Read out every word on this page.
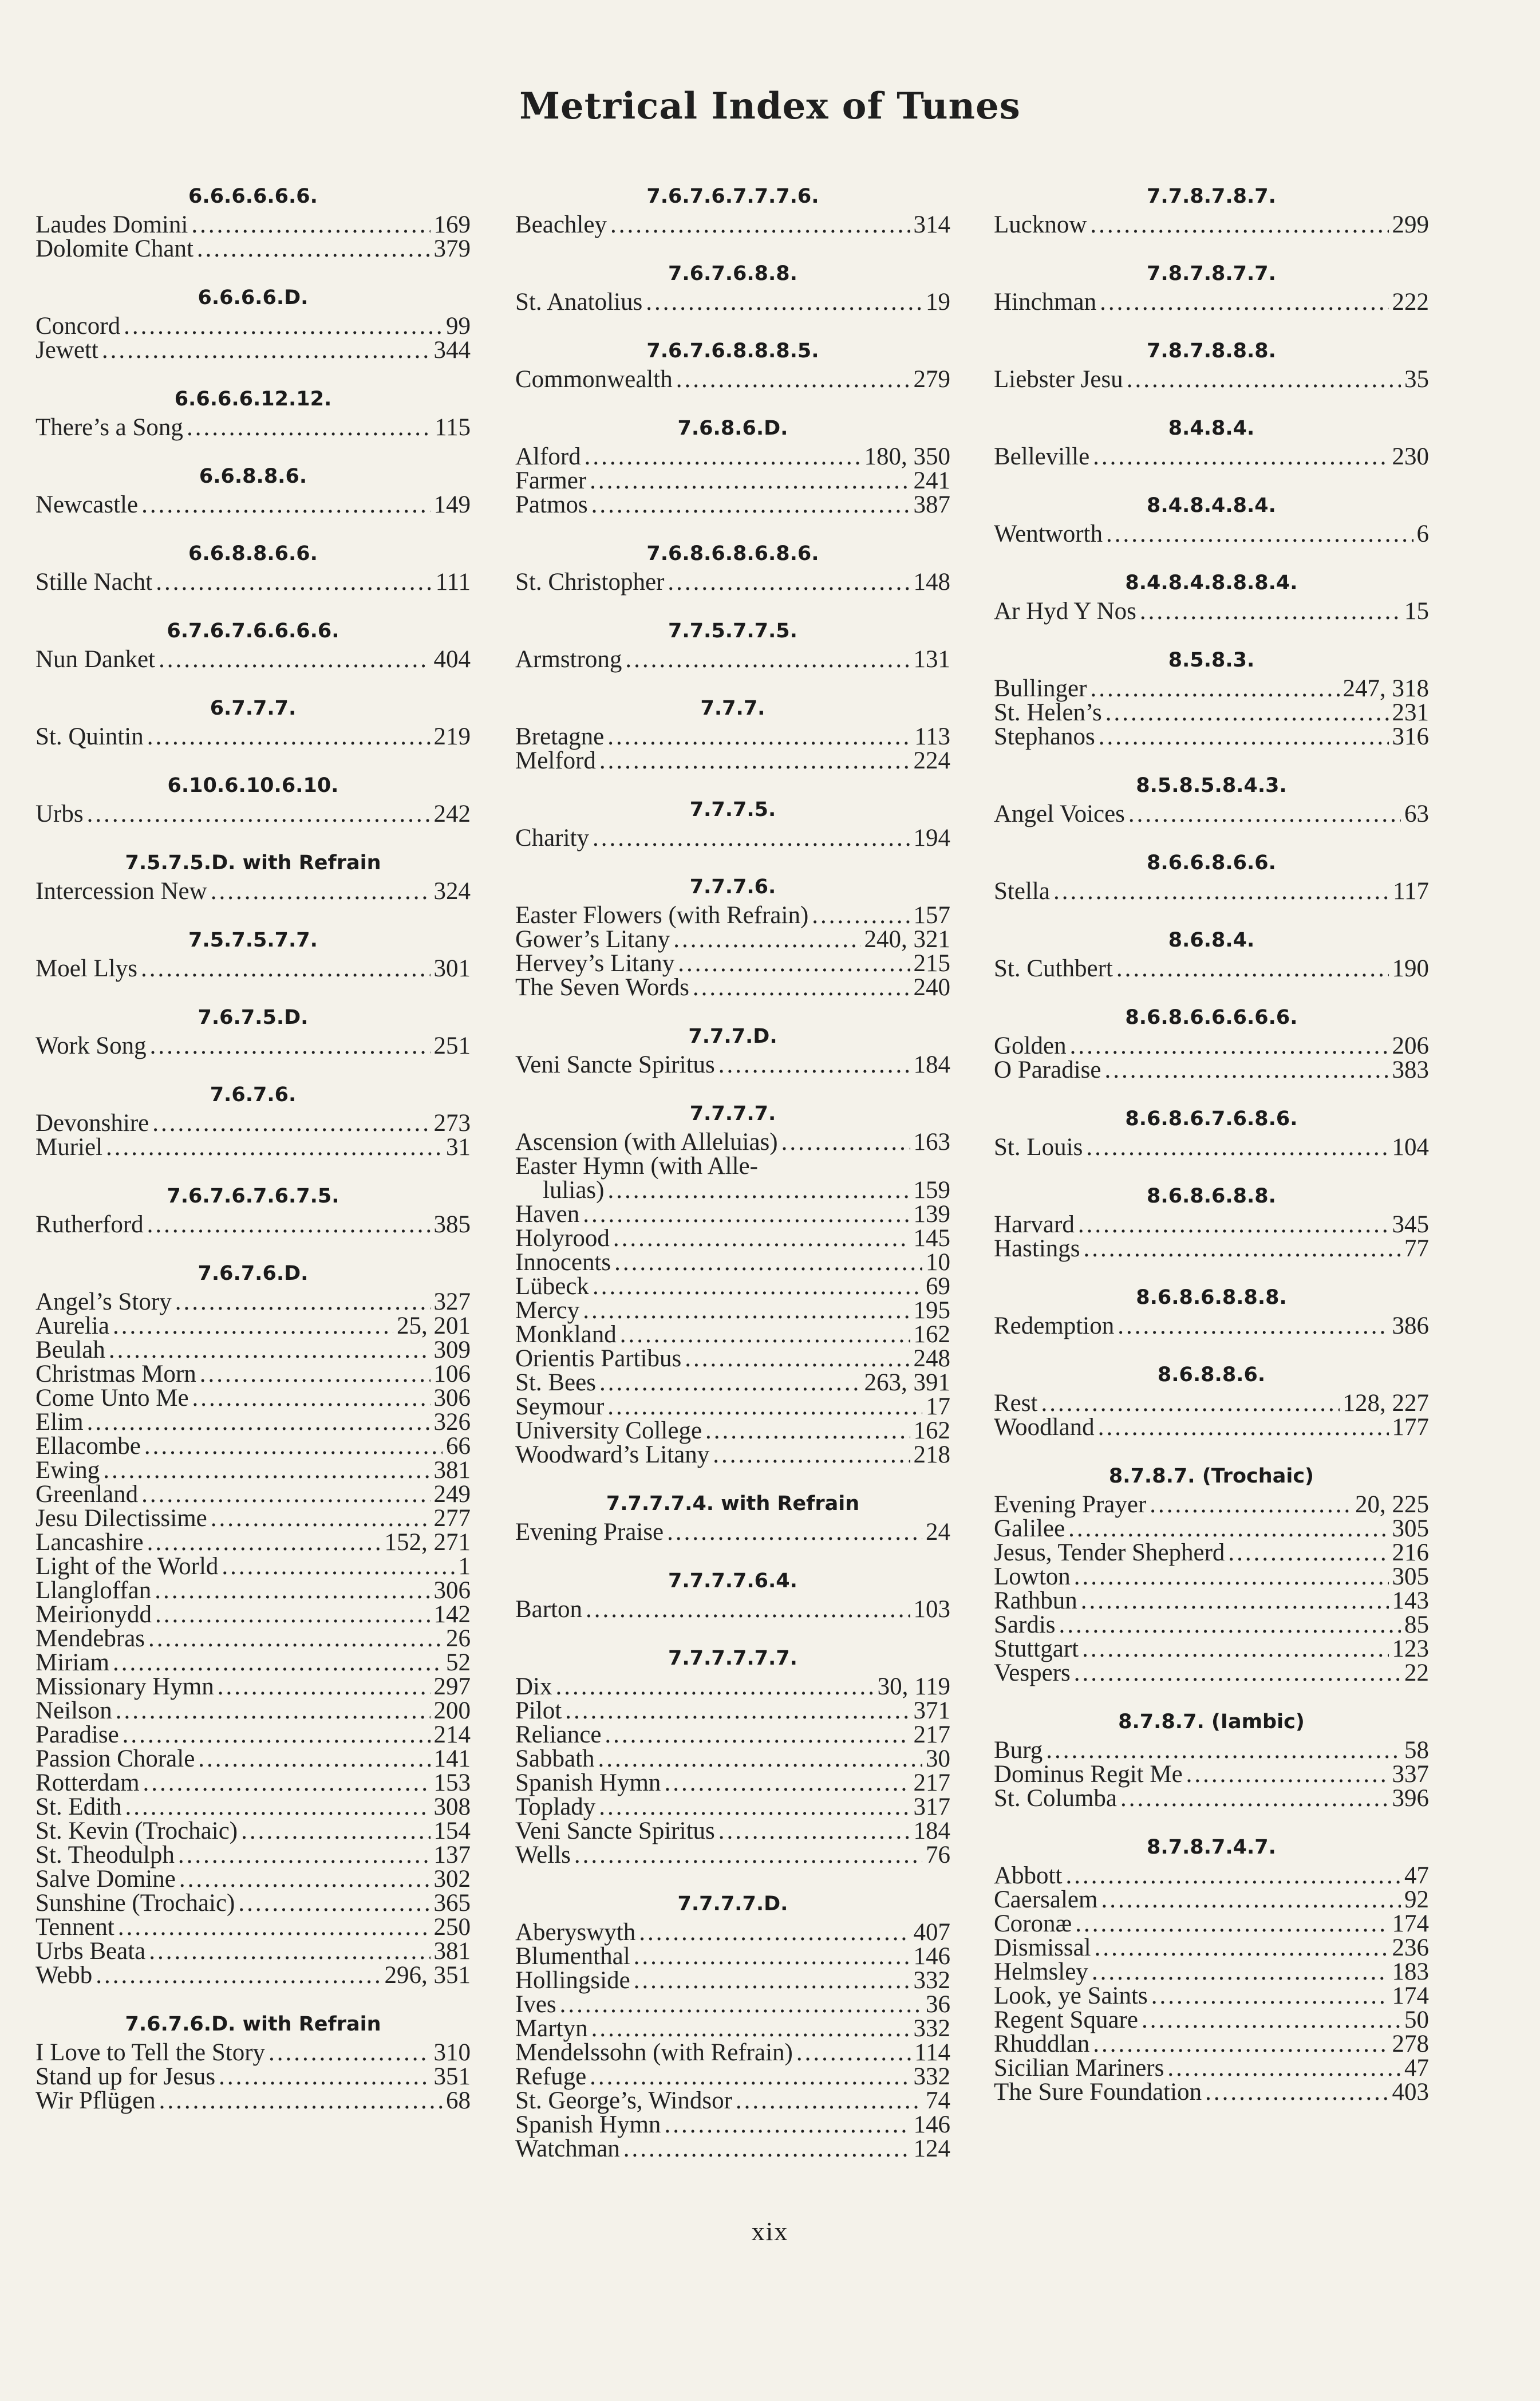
Metrical Index of Tunes
6.6.6.6.6.6.
Laudes Domini .....	169
Dolomite Chant .....	379
6.6.6.6.D.
Concord .....	99
Jewett .....	344
6.6.6.6.12.12.
There’s a Song .....	115
6.6.8.8.6.
Newcastle .....	149
6.6.8.8.6.6.
Stille Nacht .....	111
6.7.6.7.6.6.6.6.
Nun Danket .....	404
6.7.7.7.
St. Quintin .....	219
6.10.6.10.6.10.
Urbs .....	242
7.5.7.5.D. with Refrain
Intercession New .....	324
7.5.7.5.7.7.
Moel Llys .....	301
7.6.7.5.D.
Work Song .....	251
7.6.7.6.
Devonshire .....	273
Muriel .....	31
7.6.7.6.7.6.7.5.
Rutherford .....	385
7.6.7.6.D.
Angel’s Story .....	327
Aurelia .....	25, 201
Beulah .....	309
Christmas Morn .....	106
Come Unto Me .....	306
Elim .....	326
Ellacombe .....	66
Ewing .....	381
Greenland .....	249
Jesu Dilectissime .....	277
Lancashire .....	152, 271
Light of the World .....	1
Llangloffan .....	306
Meirionydd .....	142
Mendebras .....	26
Miriam .....	52
Missionary Hymn .....	297
Neilson .....	200
Paradise .....	214
Passion Chorale .....	141
Rotterdam .....	153
St. Edith .....	308
St. Kevin (Trochaic) .....	154
St. Theodulph .....	137
Salve Domine .....	302
Sunshine (Trochaic) .....	365
Tennent .....	250
Urbs Beata .....	381
Webb .....	296, 351
7.6.7.6.D. with Refrain
I Love to Tell the Story .....	310
Stand up for Jesus .....	351
Wir Pflügen .....	68
7.6.7.6.7.7.7.6.
Beachley .....	314
7.6.7.6.8.8.
St. Anatolius .....	19
7.6.7.6.8.8.8.5.
Commonwealth .....	279
7.6.8.6.D.
Alford .....	180, 350
Farmer .....	241
Patmos .....	387
7.6.8.6.8.6.8.6.
St. Christopher .....	148
7.7.5.7.7.5.
Armstrong .....	131
7.7.7.
Bretagne .....	113
Melford .....	224
7.7.7.5.
Charity .....	194
7.7.7.6.
Easter Flowers (with Refrain) .....	157
Gower’s Litany .....	240, 321
Hervey’s Litany .....	215
The Seven Words .....	240
7.7.7.D.
Veni Sancte Spiritus .....	184
7.7.7.7.
Ascension (with Alleluias) .....	163
Easter Hymn (with Alle-
lulias) .....	159
Haven .....	139
Holyrood .....	145
Innocents .....	10
Lübeck .....	69
Mercy .....	195
Monkland .....	162
Orientis Partibus .....	248
St. Bees .....	263, 391
Seymour .....	17
University College .....	162
Woodward’s Litany .....	218
7.7.7.7.4. with Refrain
Evening Praise .....	24
7.7.7.7.6.4.
Barton .....	103
7.7.7.7.7.7.
Dix .....	30, 119
Pilot .....	371
Reliance .....	217
Sabbath .....	30
Spanish Hymn .....	217
Toplady .....	317
Veni Sancte Spiritus .....	184
Wells .....	76
7.7.7.7.D.
Aberyswyth .....	407
Blumenthal .....	146
Hollingside .....	332
Ives .....	36
Martyn .....	332
Mendelssohn (with Refrain) .....	114
Refuge .....	332
St. George’s, Windsor .....	74
Spanish Hymn .....	146
Watchman .....	124
7.7.8.7.8.7.
Lucknow .....	299
7.8.7.8.7.7.
Hinchman .....	222
7.8.7.8.8.8.
Liebster Jesu .....	35
8.4.8.4.
Belleville .....	230
8.4.8.4.8.4.
Wentworth .....	6
8.4.8.4.8.8.8.4.
Ar Hyd Y Nos .....	15
8.5.8.3.
Bullinger .....	247, 318
St. Helen’s .....	231
Stephanos .....	316
8.5.8.5.8.4.3.
Angel Voices .....	63
8.6.6.8.6.6.
Stella .....	117
8.6.8.4.
St. Cuthbert .....	190
8.6.8.6.6.6.6.6.
Golden .....	206
O Paradise .....	383
8.6.8.6.7.6.8.6.
St. Louis .....	104
8.6.8.6.8.8.
Harvard .....	345
Hastings .....	77
8.6.8.6.8.8.8.
Redemption .....	386
8.6.8.8.6.
Rest .....	128, 227
Woodland .....	177
8.7.8.7. (Trochaic)
Evening Prayer .....	20, 225
Galilee .....	305
Jesus, Tender Shepherd .....	216
Lowton .....	305
Rathbun .....	143
Sardis .....	85
Stuttgart .....	123
Vespers .....	22
8.7.8.7. (Iambic)
Burg .....	58
Dominus Regit Me .....	337
St. Columba .....	396
8.7.8.7.4.7.
Abbott .....	47
Caersalem .....	92
Coronæ .....	174
Dismissal .....	236
Helmsley .....	183
Look, ye Saints .....	174
Regent Square .....	50
Rhuddlan .....	278
Sicilian Mariners .....	47
The Sure Foundation .....	403
xix
